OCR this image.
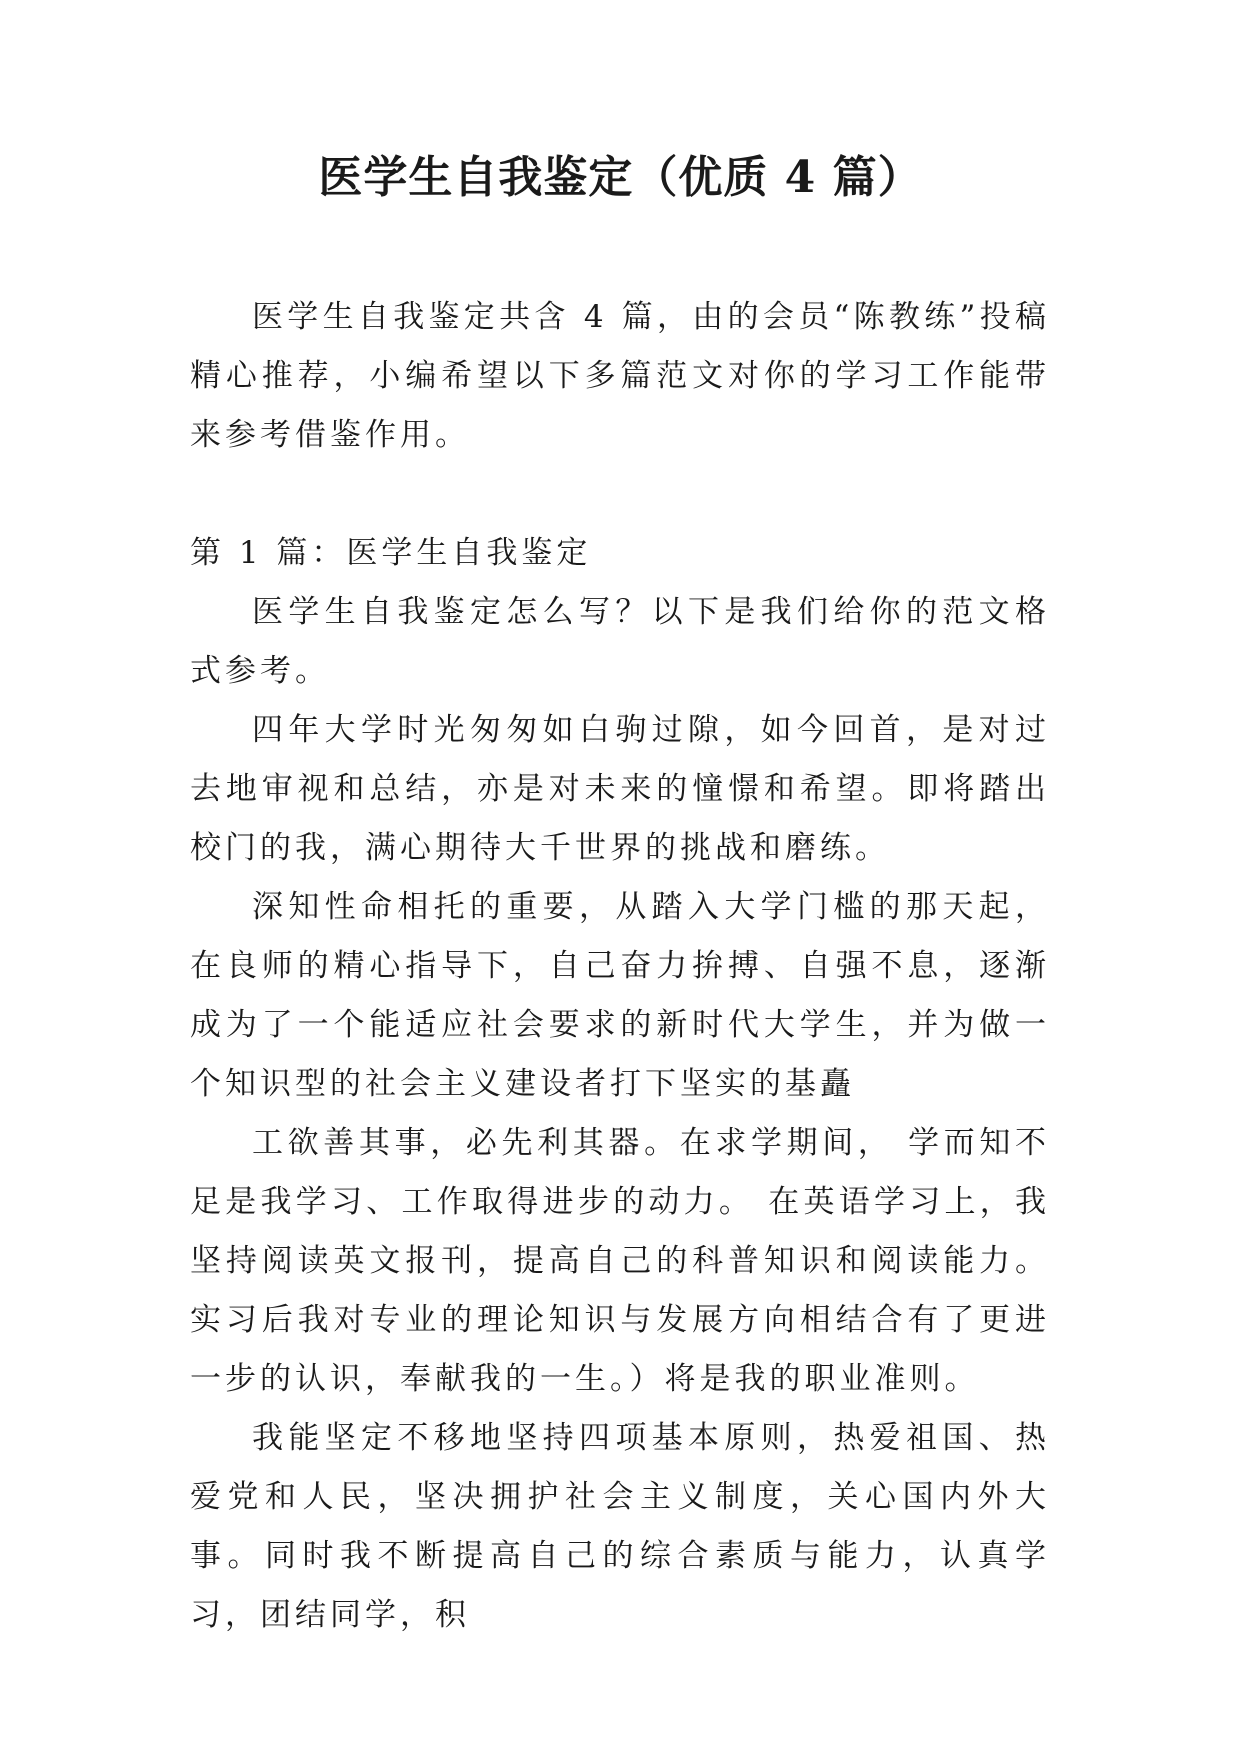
医学生自我鉴定（优质 4 篇）

医学生自我鉴定共含 4 篇，由的会员“陈教练”投稿精心推荐，小编希望以下多篇范文对你的学习工作能带来参考借鉴作用。

第 1 篇：医学生自我鉴定

医学生自我鉴定怎么写？以下是我们给你的范文格式参考。

四年大学时光匆匆如白驹过隙，如今回首，是对过去地审视和总结，亦是对未来的憧憬和希望。即将踏出校门的我，满心期待大千世界的挑战和磨练。

深知性命相托的重要，从踏入大学门槛的那天起，在良师的精心指导下，自己奋力拚搏、自强不息，逐渐成为了一个能适应社会要求的新时代大学生，并为做一个知识型的社会主义建设者打下坚实的基矗

工欲善其事，必先利其器。在求学期间， 学而知不足是我学习、工作取得进步的动力。 在英语学习上，我坚持阅读英文报刊，提高自己的科普知识和阅读能力。实习后我对专业的理论知识与发展方向相结合有了更进一步的认识，奉献我的一生。）将是我的职业准则。

我能坚定不移地坚持四项基本原则，热爱祖国、热爱党和人民，坚决拥护社会主义制度，关心国内外大事。同时我不断提高自己的综合素质与能力，认真学习，团结同学，积
